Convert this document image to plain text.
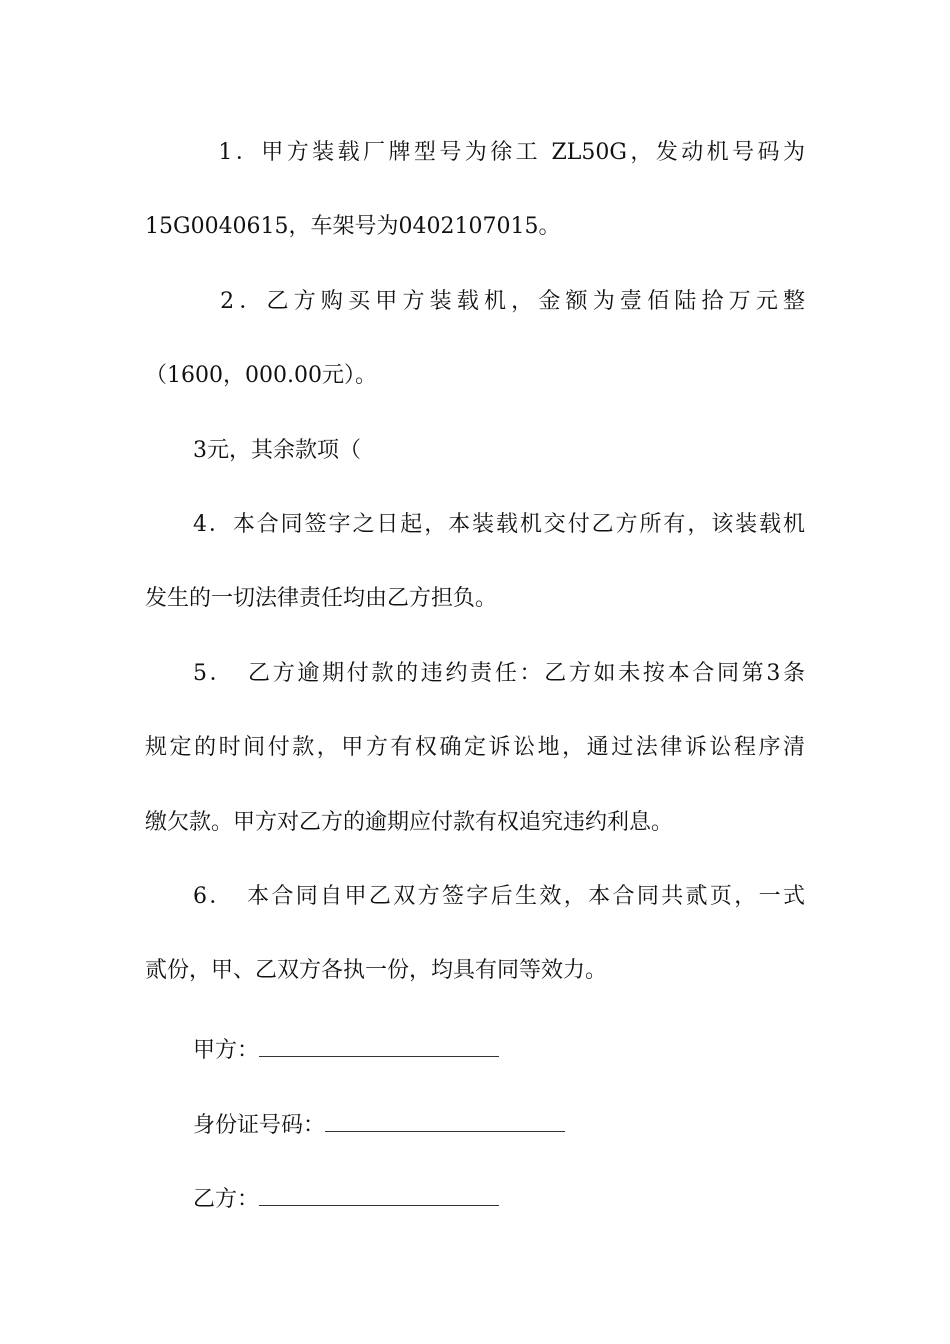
　1．甲方装载厂牌型号为徐工 ZL50G，发动机号码为

15G0040615，车架号为0402107015。

　2．乙方购买甲方装载机，金额为壹佰陆拾万元整

（1600，000.00元）。

3元，其余款项（

4．本合同签字之日起，本装载机交付乙方所有，该装载机

发生的一切法律责任均由乙方担负。

5．　乙方逾期付款的违约责任：乙方如未按本合同第3条

规定的时间付款，甲方有权确定诉讼地，通过法律诉讼程序清

缴欠款。甲方对乙方的逾期应付款有权追究违约利息。

6．　本合同自甲乙双方签字后生效，本合同共贰页，一式

贰份，甲、乙双方各执一份，均具有同等效力。

甲方：
身份证号码：
乙方：
